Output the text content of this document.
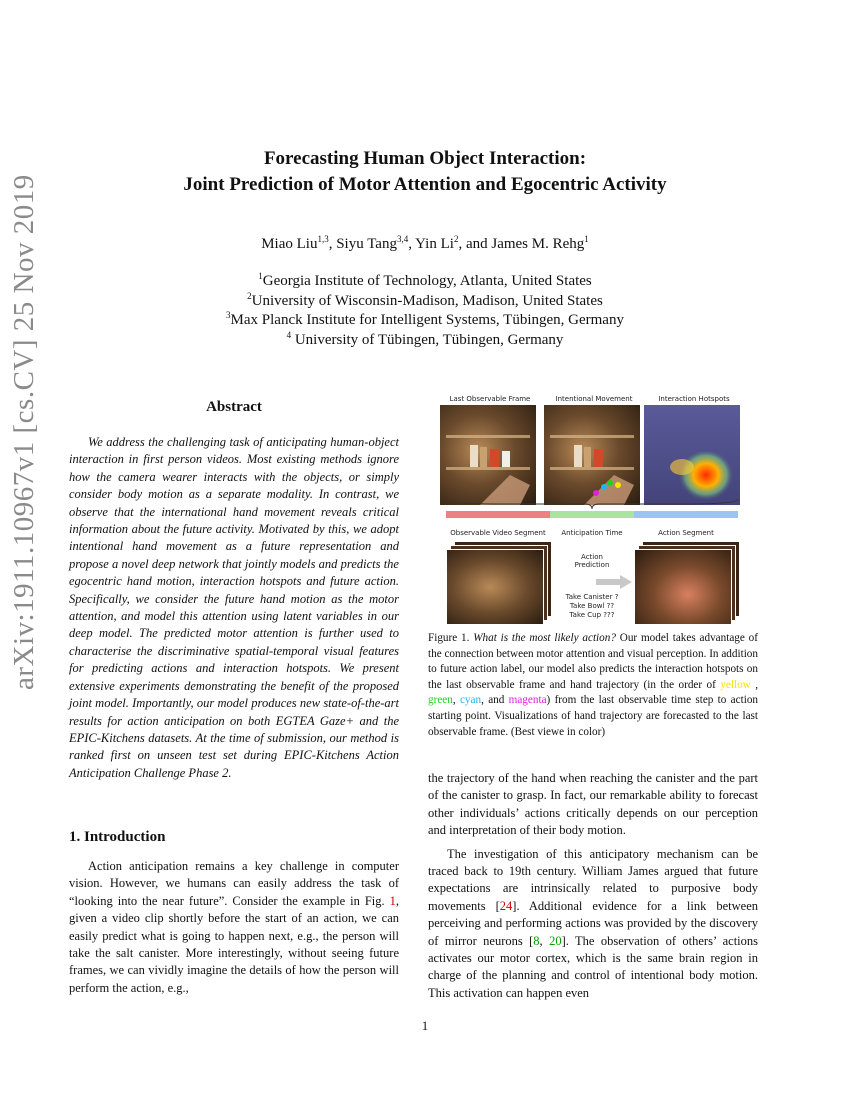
arXiv:1911.10967v1 [cs.CV] 25 Nov 2019
Forecasting Human Object Interaction:
Joint Prediction of Motor Attention and Egocentric Activity
Miao Liu$^{1,3}$, Siyu Tang$^{3,4}$, Yin Li$^2$, and James M. Rehg$^1$
$^1$Georgia Institute of Technology, Atlanta, United States
$^2$University of Wisconsin-Madison, Madison, United States
$^3$Max Planck Institute for Intelligent Systems, Tübingen, Germany
$^4$ University of Tübingen, Tübingen, Germany
Abstract

We address the challenging task of anticipating human-object interaction in first person videos. Most existing methods ignore how the camera wearer interacts with the objects, or simply consider body motion as a separate modality. In contrast, we observe that the international hand movement reveals critical information about the future activity. Motivated by this, we adopt intentional hand movement as a future representation and propose a novel deep network that jointly models and predicts the egocentric hand motion, interaction hotspots and future action. Specifically, we consider the future hand motion as the motor attention, and model this attention using latent variables in our deep model. The predicted motor attention is further used to characterise the discriminative spatial-temporal visual features for predicting actions and interaction hotspots. We present extensive experiments demonstrating the benefit of the proposed joint model. Importantly, our model produces new state-of-the-art results for action anticipation on both EGTEA Gaze+ and the EPIC-Kitchens datasets. At the time of submission, our method is ranked first on unseen test set during EPIC-Kitchens Action Anticipation Challenge Phase 2.

1. Introduction

Action anticipation remains a key challenge in computer vision. However, we humans can easily address the task of “looking into the near future”. Consider the example in Fig. 1, given a video clip shortly before the start of an action, we can easily predict what is going to happen next, e.g., the person will take the salt canister. More interestingly, without seeing future frames, we can vividly imagine the details of how the person will perform the action, e.g.,

Last Observable Frame	Intentional Movement	Interaction Hotspots
Observable Video Segment	Anticipation Time	Action Segment
Action
Prediction
Take Canister ?
Take Bowl ??
Take Cup ???
Figure 1. What is the most likely action? Our model takes advantage of the connection between motor attention and visual perception. In addition to future action label, our model also predicts the interaction hotspots on the last observable frame and hand trajectory (in the order of yellow , green, cyan, and magenta) from the last observable time step to action starting point. Visualizations of hand trajectory are forecasted to the last observable frame. (Best viewe in color)

the trajectory of the hand when reaching the canister and the part of the canister to grasp. In fact, our remarkable ability to forecast other individuals’ actions critically depends on our perception and interpretation of their body motion.

The investigation of this anticipatory mechanism can be traced back to 19th century. William James argued that future expectations are intrinsically related to purposive body movements [24]. Additional evidence for a link between perceiving and performing actions was provided by the discovery of mirror neurons [8, 20]. The observation of others’ actions activates our motor cortex, which is the same brain region in charge of the planning and control of intentional body motion. This activation can happen even

1
